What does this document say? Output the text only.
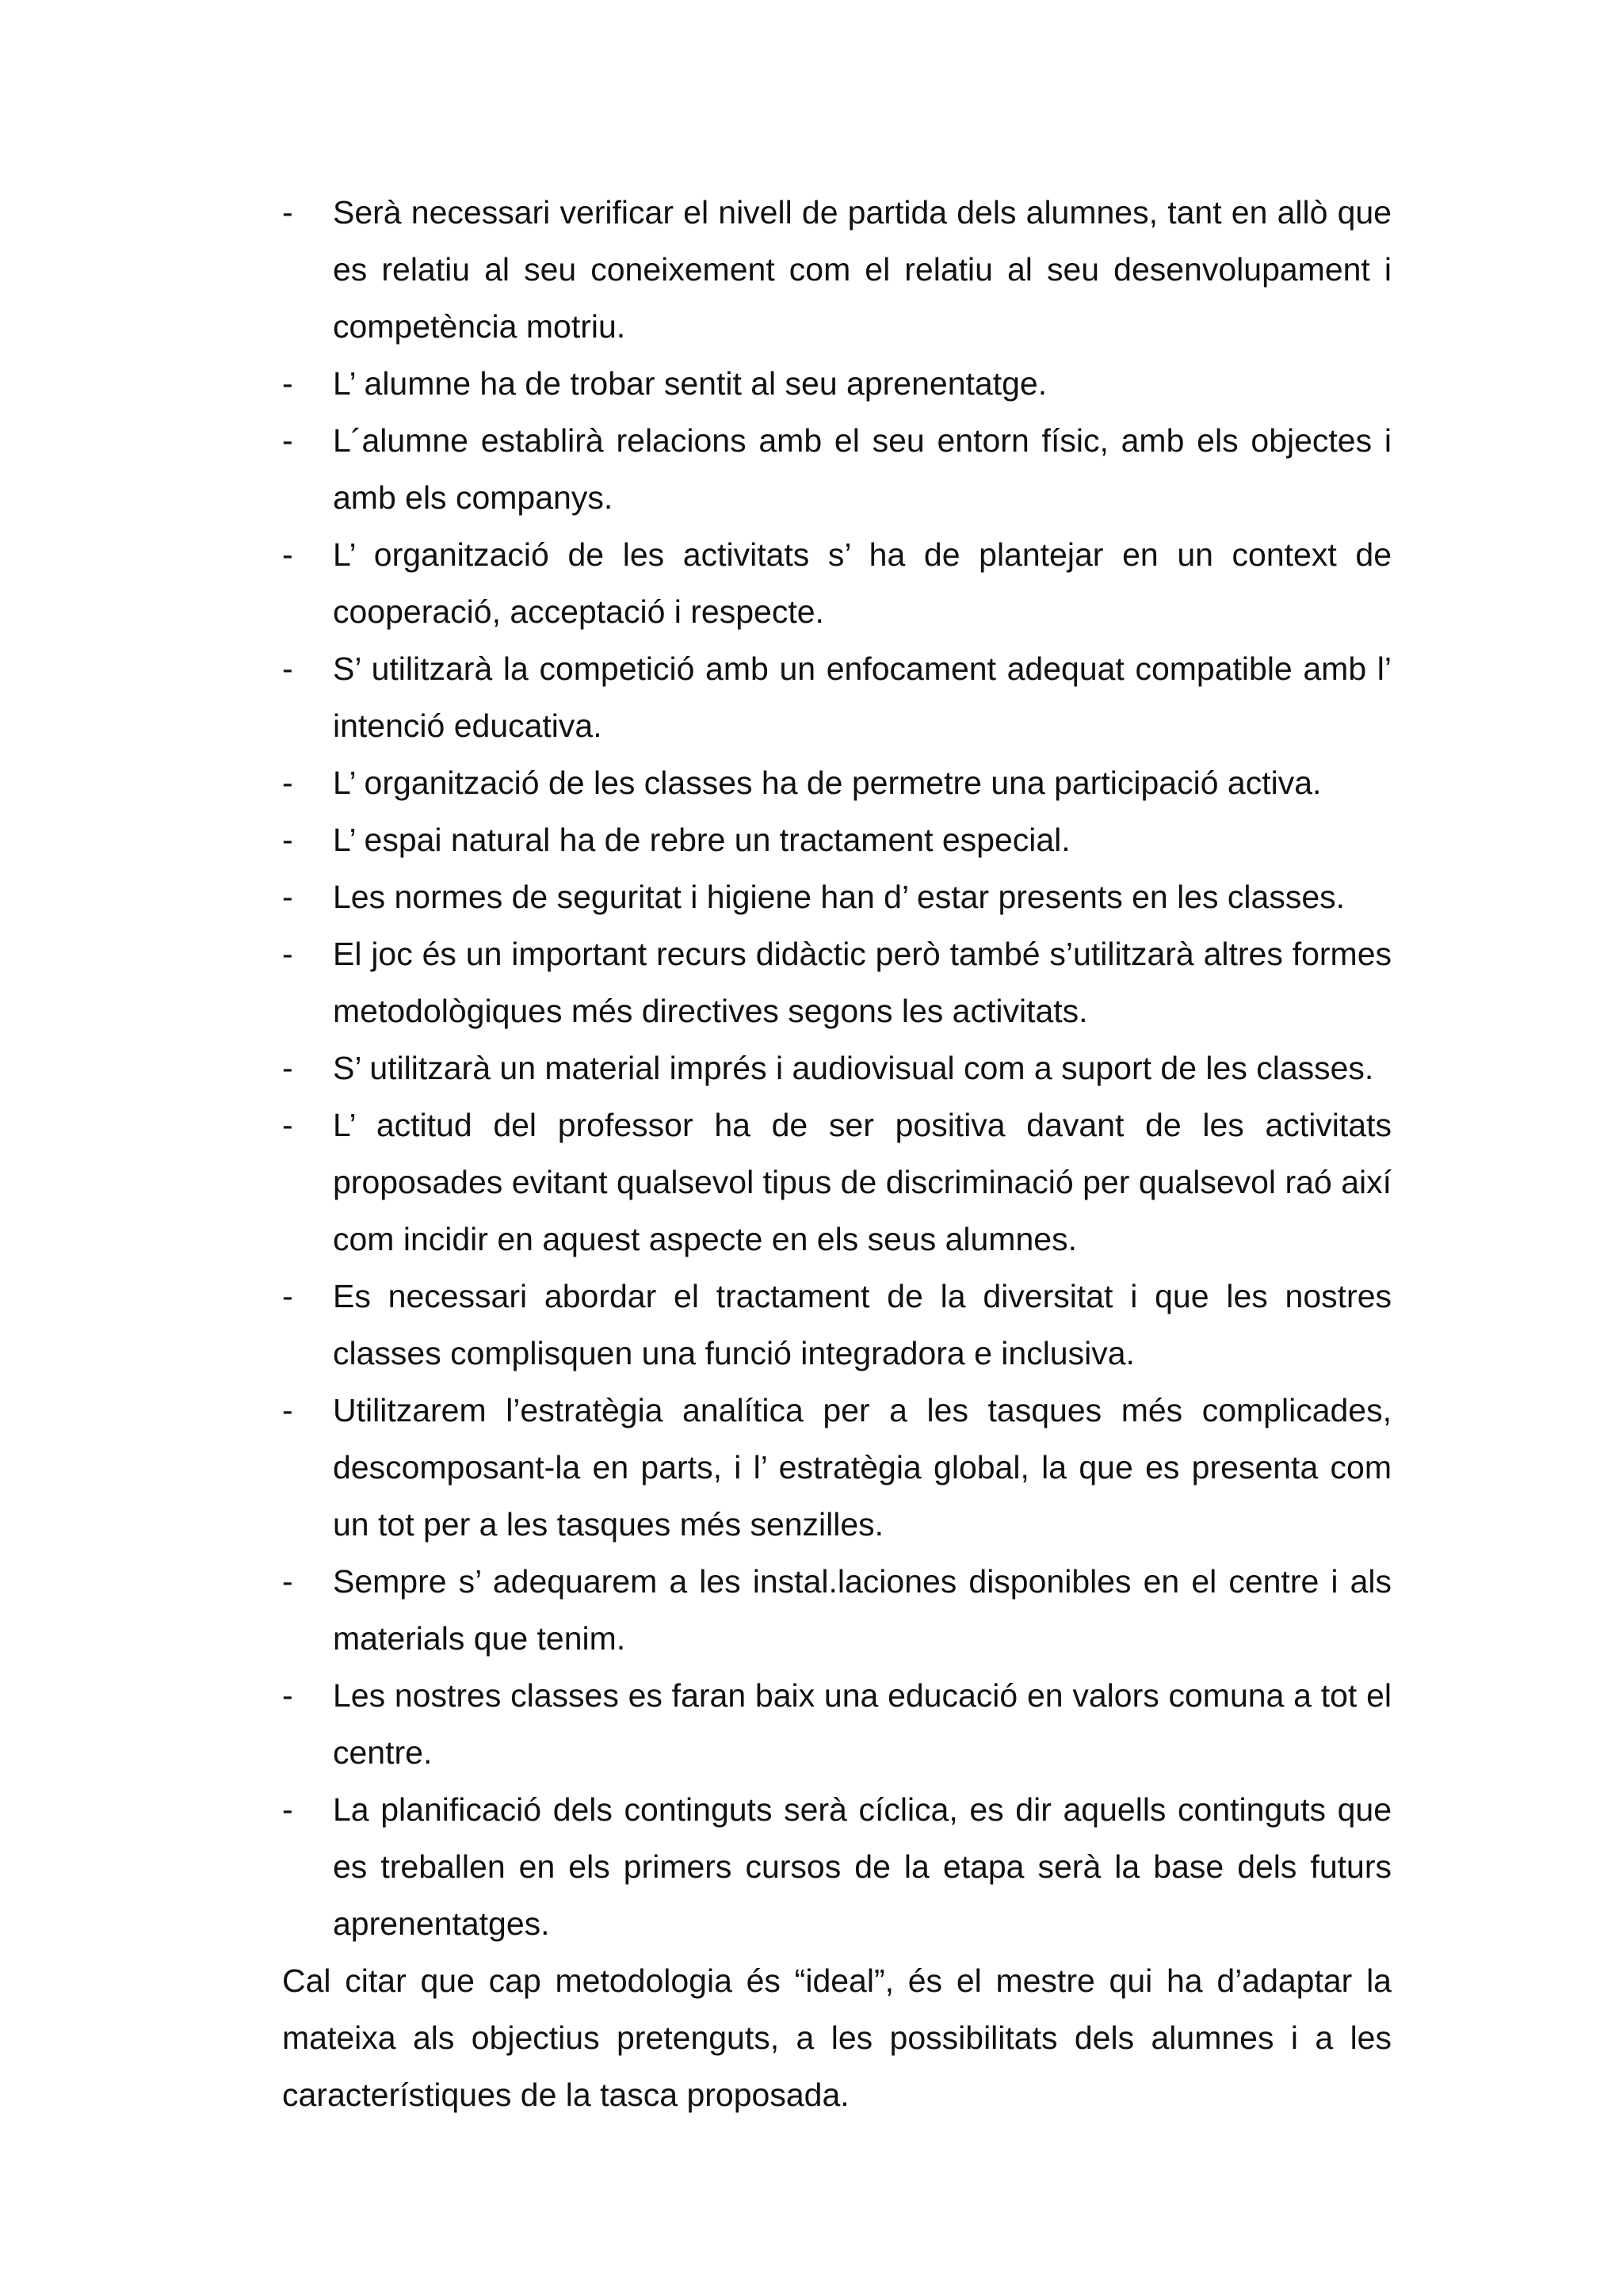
- Serà necessari verificar el nivell de partida dels alumnes, tant en allò que es relatiu al seu coneixement com el relatiu al seu desenvolupament i competència motriu.
- L’ alumne ha de trobar sentit al seu aprenentatge.
- L´alumne establirà relacions amb el seu entorn físic, amb els objectes i amb els companys.
- L’ organització de les activitats s’ ha de plantejar en un context de cooperació, acceptació i respecte.
- S’ utilitzarà la competició amb un enfocament adequat compatible amb l’ intenció educativa.
- L’ organització de les classes ha de permetre una participació activa.
- L’ espai natural ha de rebre un tractament especial.
- Les normes de seguritat i higiene han d’ estar presents en les classes.
- El joc és un important recurs didàctic però també s’utilitzarà altres formes metodològiques més directives segons les activitats.
- S’ utilitzarà un material imprés i audiovisual com a suport de les classes.
- L’ actitud del professor ha de ser positiva davant de les activitats proposades evitant qualsevol tipus de discriminació per qualsevol raó així com incidir en aquest aspecte en els seus alumnes.
- Es necessari abordar el tractament de la diversitat i que les nostres classes complisquen una funció integradora e inclusiva.
- Utilitzarem l’estratègia analítica per a les tasques més complicades, descomposant-la en parts, i l’ estratègia global, la que es presenta com un tot per a les tasques més senzilles.
- Sempre s’ adequarem a les instal.laciones disponibles en el centre i als materials que tenim.
- Les nostres classes es faran baix una educació en valors comuna a tot el centre.
- La planificació dels continguts serà cíclica, es dir aquells continguts que es treballen en els primers cursos de la etapa serà la base dels futurs aprenentatges.

Cal citar que cap metodologia és “ideal”, és el mestre qui ha d’adaptar la mateixa als objectius pretenguts, a les possibilitats dels alumnes i a les característiques de la tasca proposada.
